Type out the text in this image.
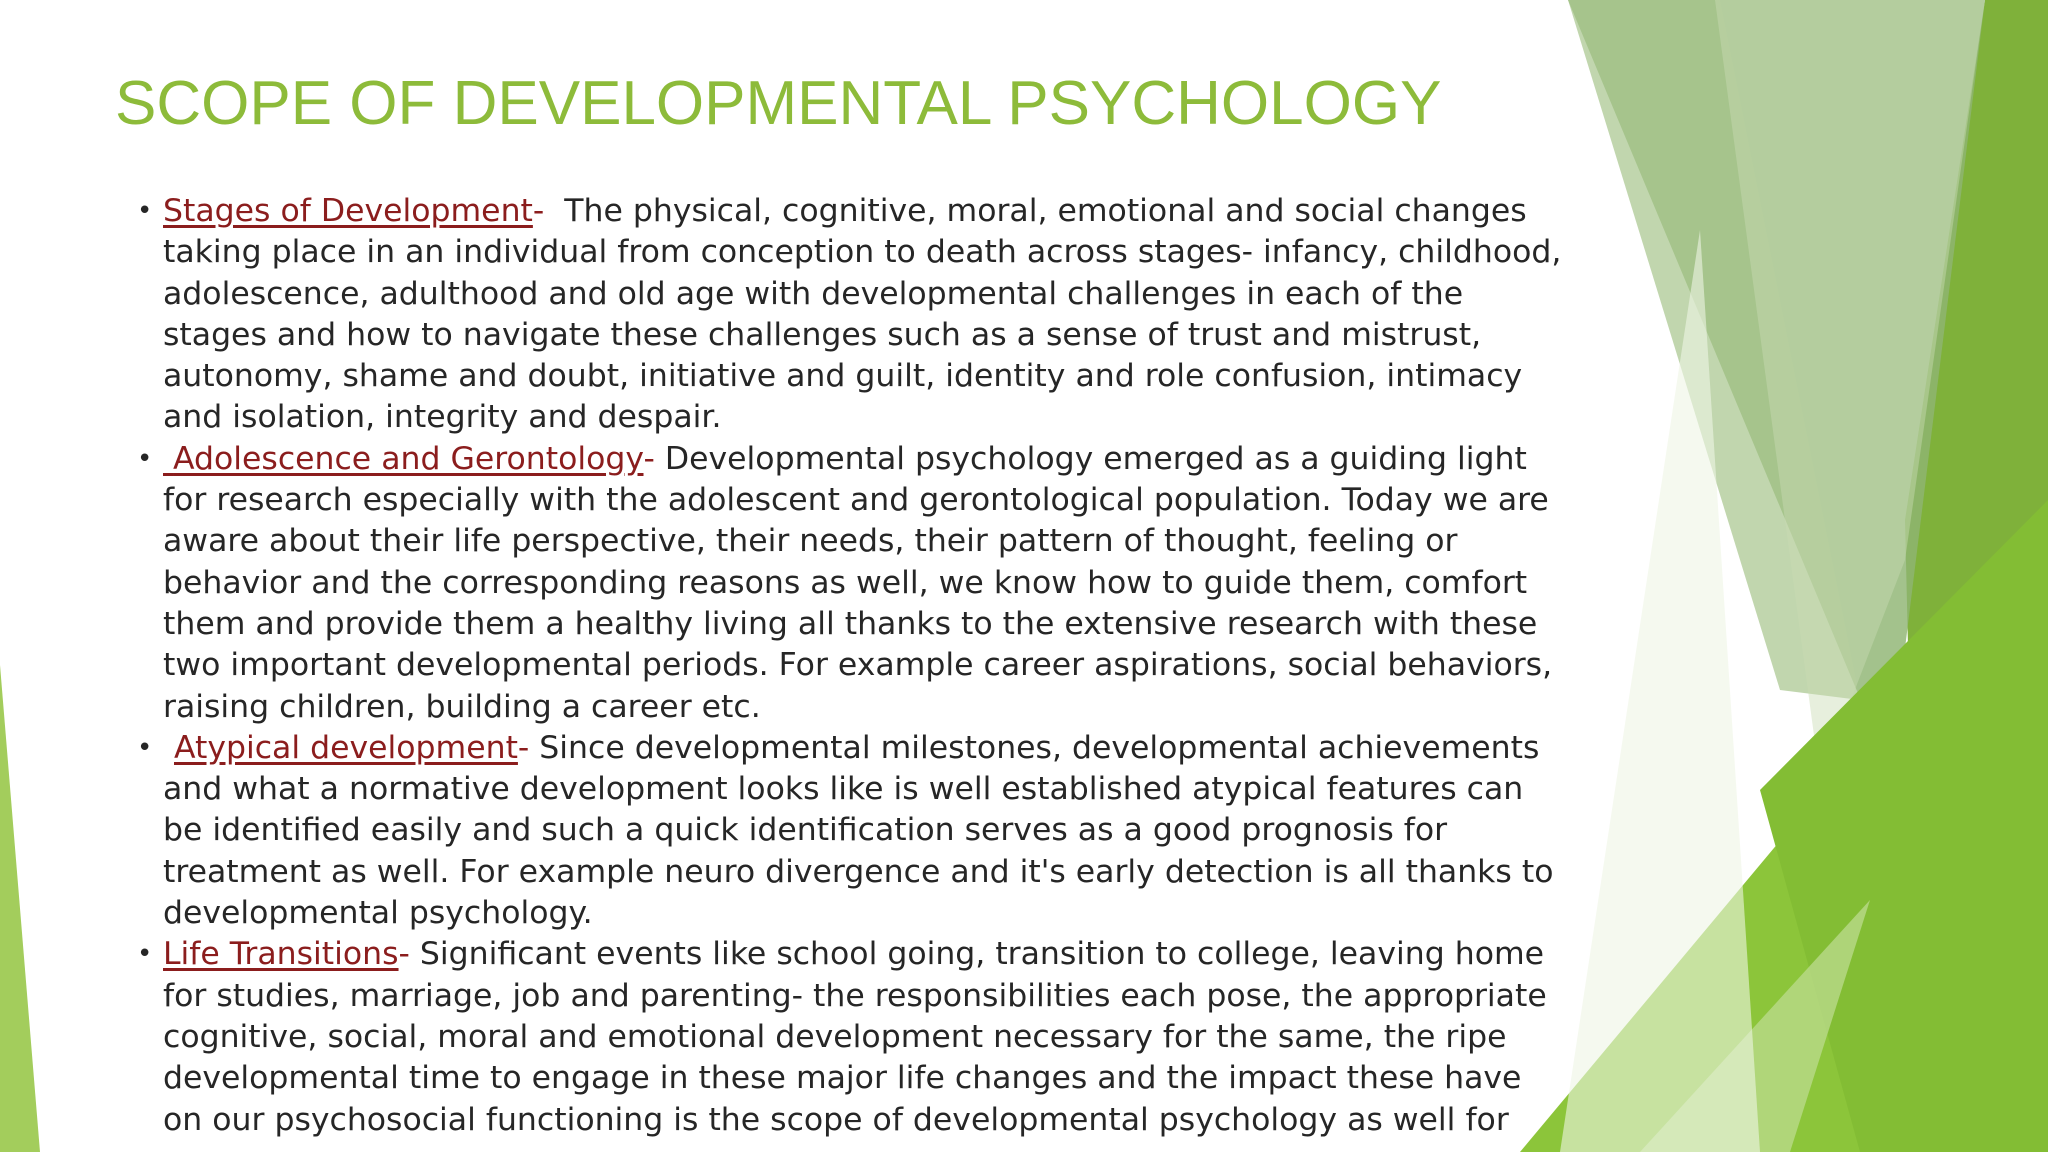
SCOPE OF DEVELOPMENTAL PSYCHOLOGY
• Stages of Development-  The physical, cognitive, moral, emotional and social changes taking place in an individual from conception to death across stages- infancy, childhood, adolescence, adulthood and old age with developmental challenges in each of the stages and how to navigate these challenges such as a sense of trust and mistrust, autonomy, shame and doubt, initiative and guilt, identity and role confusion, intimacy and isolation, integrity and despair.
• Adolescence and Gerontology- Developmental psychology emerged as a guiding light for research especially with the adolescent and gerontological population. Today we are aware about their life perspective, their needs, their pattern of thought, feeling or behavior and the corresponding reasons as well, we know how to guide them, comfort them and provide them a healthy living all thanks to the extensive research with these two important developmental periods. For example career aspirations, social behaviors, raising children, building a career etc.
• Atypical development- Since developmental milestones, developmental achievements and what a normative development looks like is well established atypical features can be identified easily and such a quick identification serves as a good prognosis for treatment as well. For example neuro divergence and it's early detection is all thanks to developmental psychology.
• Life Transitions- Significant events like school going, transition to college, leaving home for studies, marriage, job and parenting- the responsibilities each pose, the appropriate cognitive, social, moral and emotional development necessary for the same, the ripe developmental time to engage in these major life changes and the impact these have on our psychosocial functioning is the scope of developmental psychology as well for
